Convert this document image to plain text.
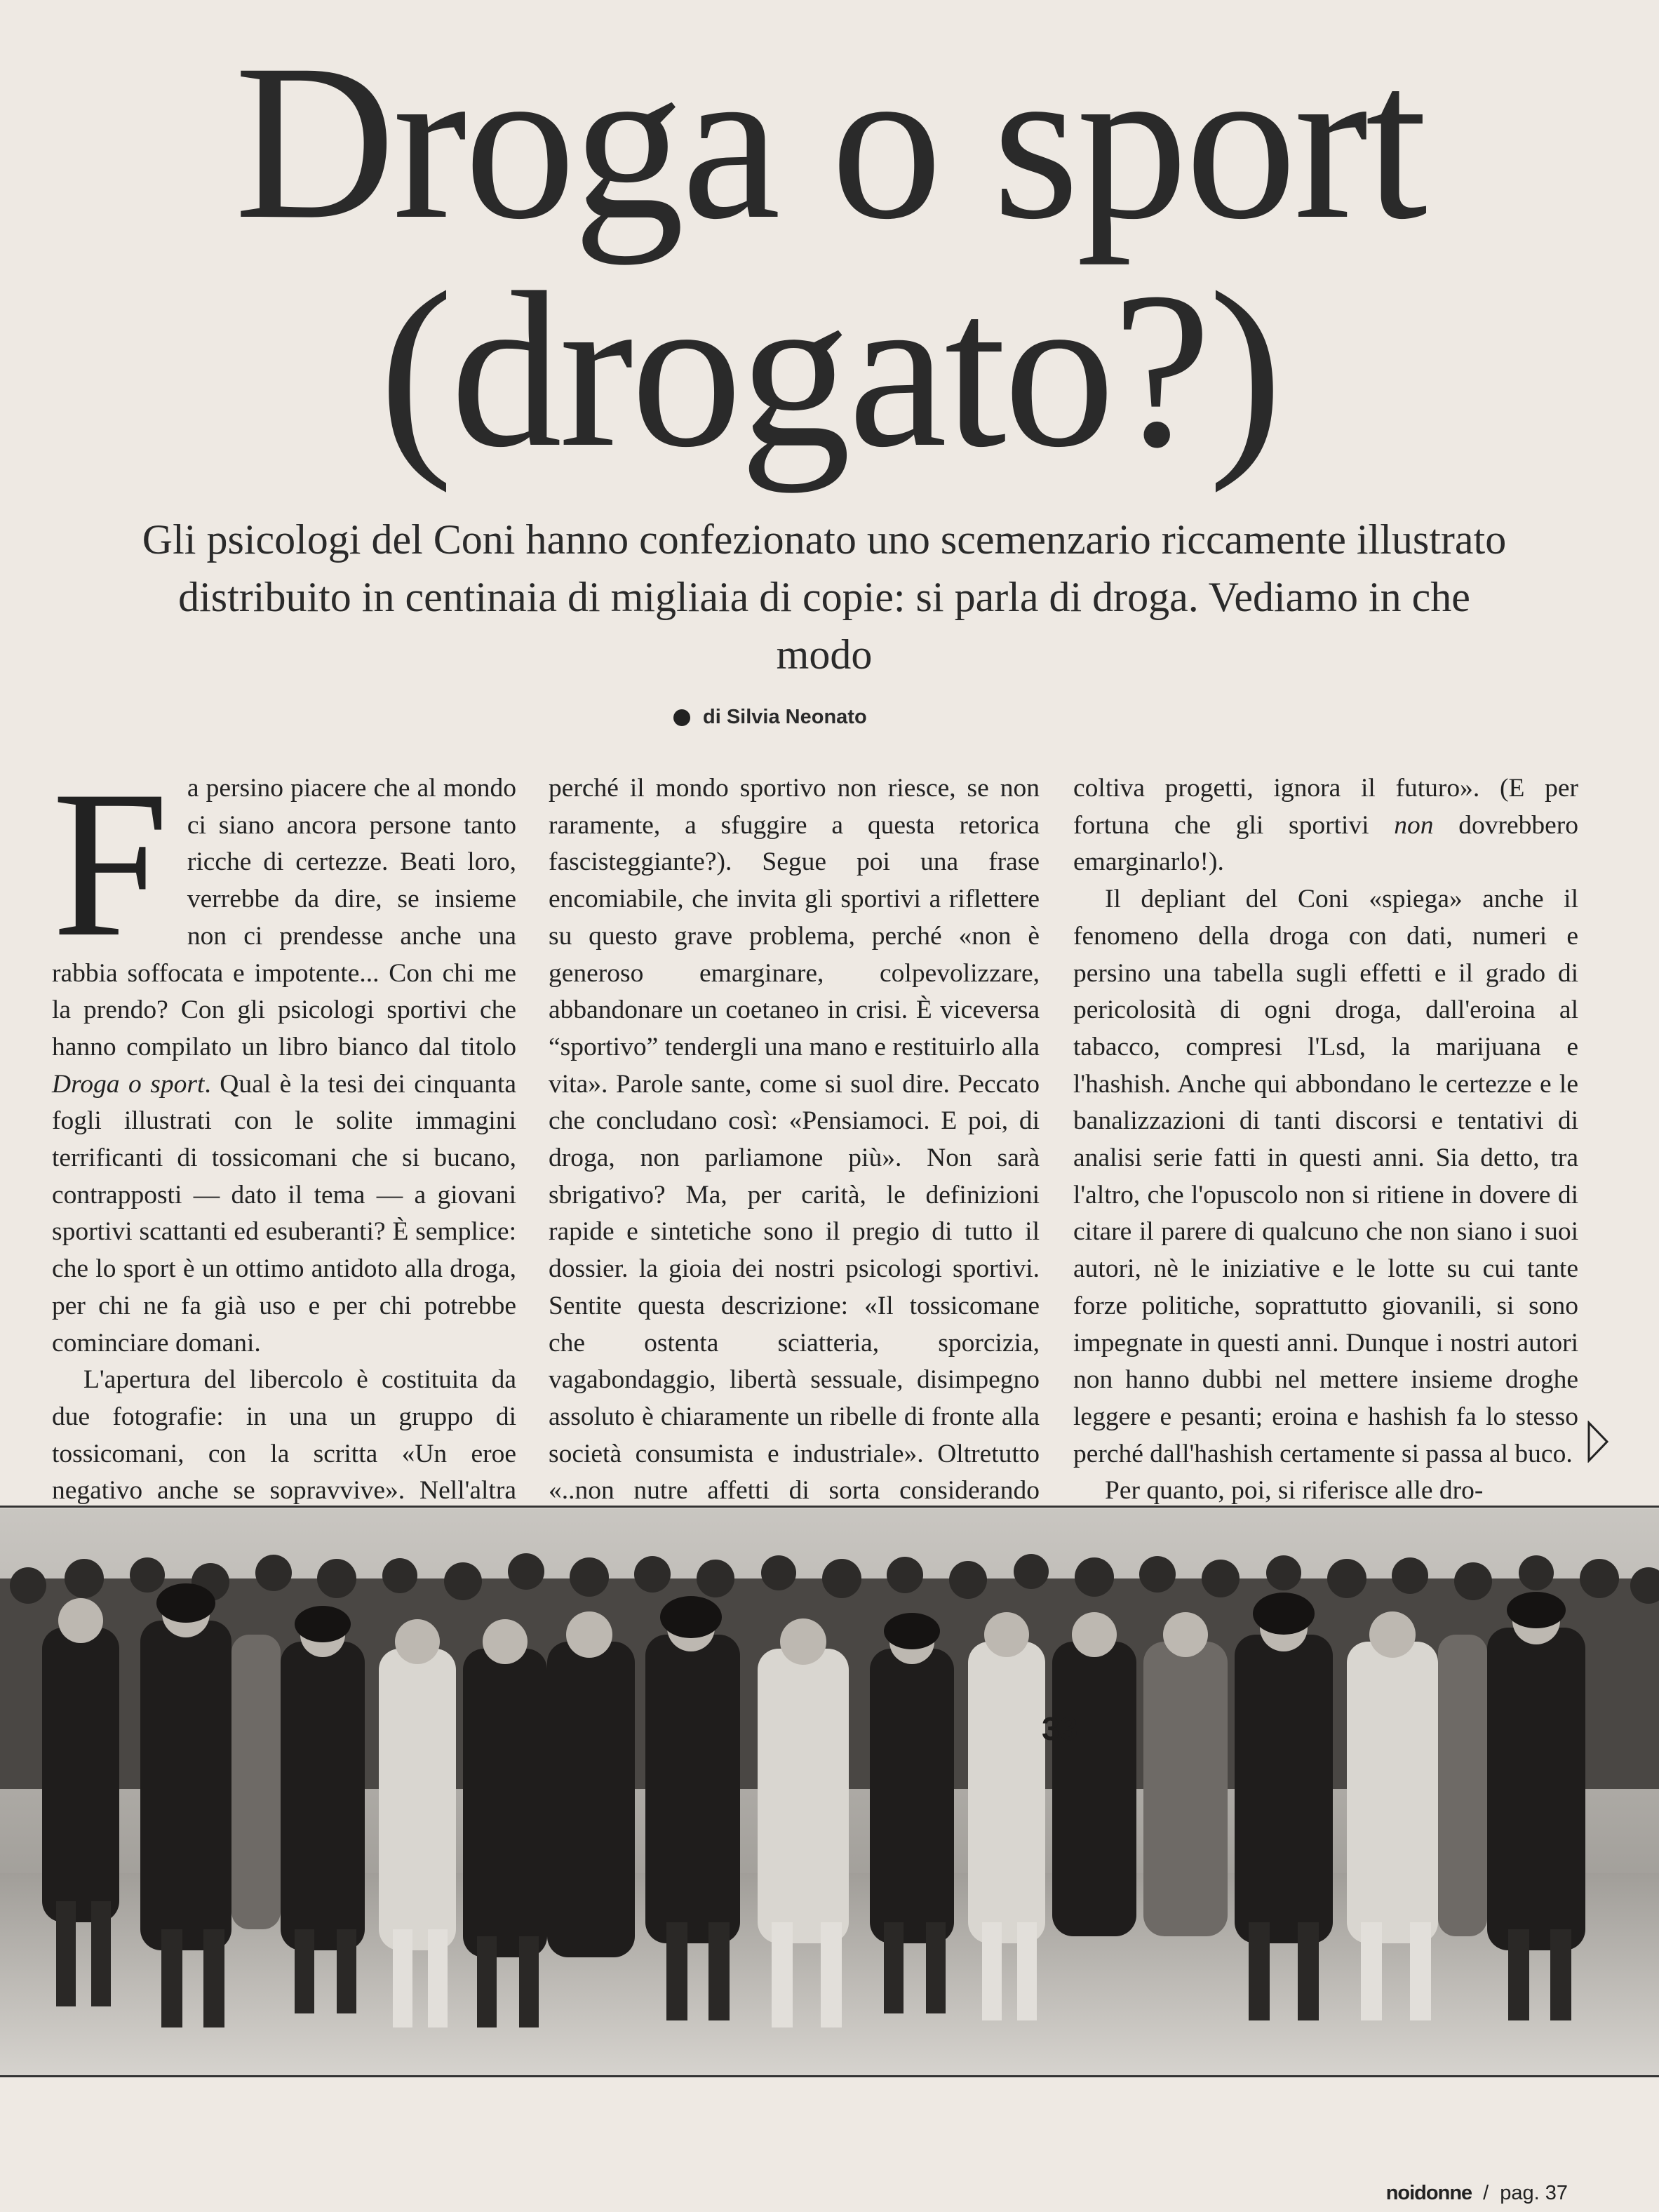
Droga o sport
(drogato?)
Gli psicologi del Coni hanno confezionato uno scemenzario riccamente illustrato distribuito in centinaia di migliaia di copie: si parla di droga. Vediamo in che modo
di Silvia Neonato

Fa persino piacere che al mondo ci siano ancora persone tanto ricche di certezze. Beati loro, verrebbe da dire, se insieme non ci prendesse anche una rabbia soffocata e impotente... Con chi me la prendo? Con gli psicologi sportivi che hanno compilato un libro bianco dal titolo Droga o sport. Qual è la tesi dei cinquanta fogli illustrati con le solite immagini terrificanti di tossicomani che si bucano, contrapposti — dato il tema — a giovani sportivi scattanti ed esuberanti? È semplice: che lo sport è un ottimo antidoto alla droga, per chi ne fa già uso e per chi potrebbe cominciare domani.

L'apertura del libercolo è costituita da due fotografie: in una un gruppo di tossicomani, con la scritta «Un eroe negativo anche se sopravvive». Nell'altra

perché il mondo sportivo non riesce, se non raramente, a sfuggire a questa retorica fascisteggiante?). Segue poi una frase encomiabile, che invita gli sportivi a riflettere su questo grave problema, perché «non è generoso emarginare, colpevolizzare, abbandonare un coetaneo in crisi. È viceversa “sportivo” tendergli una mano e restituirlo alla vita». Parole sante, come si suol dire. Peccato che concludano così: «Pensiamoci. E poi, di droga, non parliamone più». Non sarà sbrigativo? Ma, per carità, le definizioni rapide e sintetiche sono il pregio di tutto il dossier. la gioia dei nostri psicologi sportivi. Sentite questa descrizione: «Il tossicomane che ostenta sciatteria, sporcizia, vagabondaggio, libertà sessuale, disimpegno assoluto è chiaramente un ribelle di fronte alla società consumista e industriale». Oltretutto «..non nutre affetti di sorta considerando

coltiva progetti, ignora il futuro». (E per fortuna che gli sportivi non dovrebbero emarginarlo!).

Il depliant del Coni «spiega» anche il fenomeno della droga con dati, numeri e persino una tabella sugli effetti e il grado di pericolosità di ogni droga, dall'eroina al tabacco, compresi l'Lsd, la marijuana e l'hashish. Anche qui abbondano le certezze e le banalizzazioni di tanti discorsi e tentativi di analisi serie fatti in questi anni. Sia detto, tra l'altro, che l'opuscolo non si ritiene in dovere di citare il parere di qualcuno che non siano i suoi autori, nè le iniziative e le lotte su cui tante forze politiche, soprattutto giovanili, si sono impegnate in questi anni. Dunque i nostri autori non hanno dubbi nel mettere insieme droghe leggere e pesanti; eroina e hashish fa lo stesso perché dall'hashish certamente si passa al buco.

Per quanto, poi, si riferisce alle dro-

33
noidonne / pag. 37
